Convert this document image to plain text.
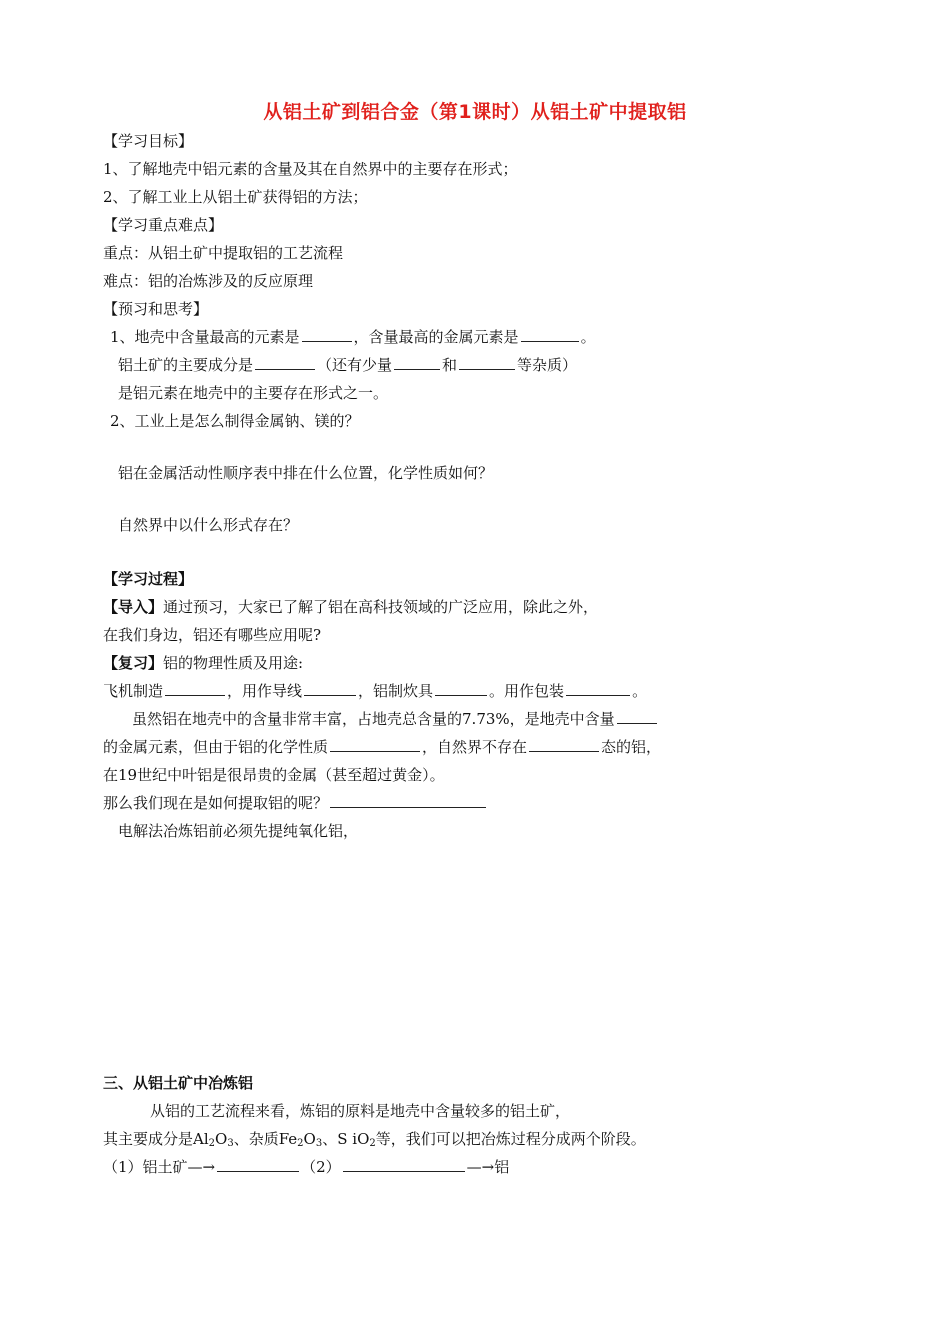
从铝土矿到铝合金（第1课时）从铝土矿中提取铝
【学习目标】
1、了解地壳中铝元素的含量及其在自然界中的主要存在形式；
2、了解工业上从铝土矿获得铝的方法；
【学习重点难点】
重点：从铝土矿中提取铝的工艺流程
难点：铝的冶炼涉及的反应原理
【预习和思考】
1、地壳中含量最高的元素是	，含量最高的金属元素是	。
铝土矿的主要成分是	（还有少量	和	等杂质）
是铝元素在地壳中的主要存在形式之一。
2、工业上是怎么制得金属钠、镁的？
铝在金属活动性顺序表中排在什么位置，化学性质如何？
自然界中以什么形式存在？
【学习过程】
【导入】通过预习，大家已了解了铝在高科技领域的广泛应用，除此之外，
在我们身边，铝还有哪些应用呢?
【复习】铝的物理性质及用途:
飞机制造	，用作导线	，铝制炊具	。用作包装	。
虽然铝在地壳中的含量非常丰富，占地壳总含量的7.73%，是地壳中含量
的金属元素，但由于铝的化学性质	，自然界不存在	态的铝，
在19世纪中叶铝是很昂贵的金属（甚至超过黄金）。
那么我们现在是如何提取铝的呢？
电解法冶炼铝前必须先提纯氧化铝，
三、从铝土矿中冶炼铝
从铝的工艺流程来看，炼铝的原料是地壳中含量较多的铝土矿，
其主要成分是$Al_2O_3$、杂质$Fe_2O_3$、S $iO_2$等，我们可以把冶炼过程分成两个阶段。
（1）铝土矿—→	（2）	—→铝
